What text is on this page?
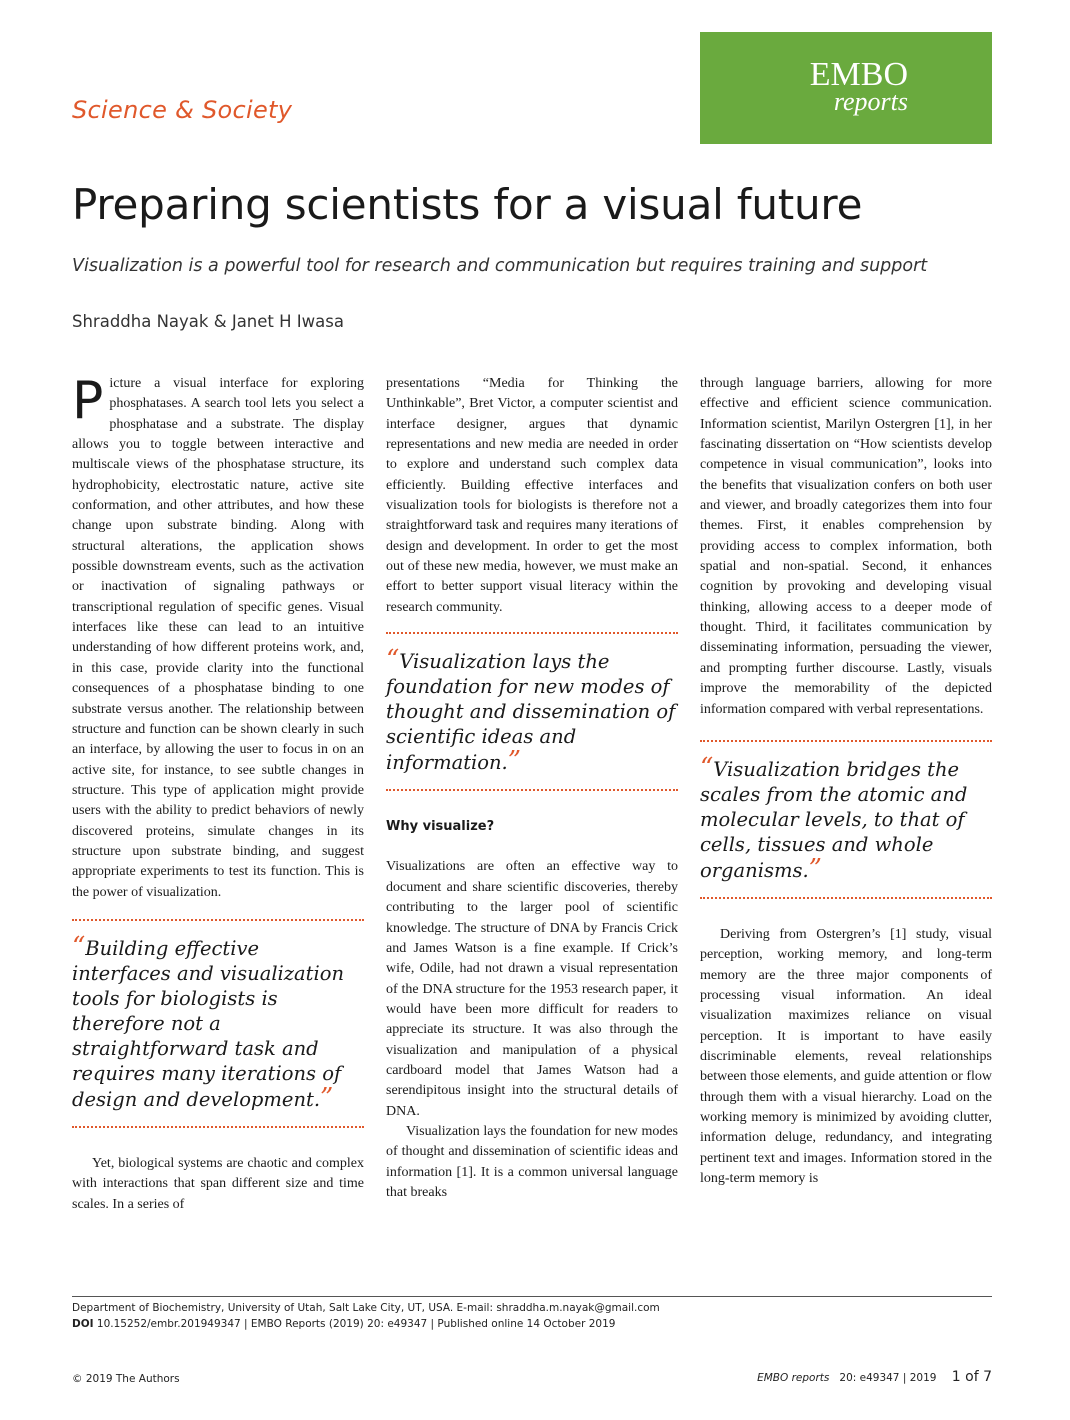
Science & Society
EMBO
reports
Preparing scientists for a visual future
Visualization is a powerful tool for research and communication but requires training and support
Shraddha Nayak & Janet H Iwasa

Picture a visual interface for exploring phosphatases. A search tool lets you select a phosphatase and a substrate. The display allows you to toggle between interactive and multiscale views of the phosphatase structure, its hydrophobicity, electrostatic nature, active site conformation, and other attributes, and how these change upon substrate binding. Along with structural alterations, the application shows possible downstream events, such as the activation or inactivation of signaling pathways or transcriptional regulation of specific genes. Visual interfaces like these can lead to an intuitive understanding of how different proteins work, and, in this case, provide clarity into the functional consequences of a phosphatase binding to one substrate versus another. The relationship between structure and function can be shown clearly in such an interface, by allowing the user to focus in on an active site, for instance, to see subtle changes in structure. This type of application might provide users with the ability to predict behaviors of newly discovered proteins, simulate changes in its structure upon substrate binding, and suggest appropriate experiments to test its function. This is the power of visualization.

“Building effective interfaces and visualization tools for biologists is therefore not a straightforward task and requires many iterations of design and development.”

Yet, biological systems are chaotic and complex with interactions that span different size and time scales. In a series of

presentations “Media for Thinking the Unthinkable”, Bret Victor, a computer scientist and interface designer, argues that dynamic representations and new media are needed in order to explore and understand such complex data efficiently. Building effective interfaces and visualization tools for biologists is therefore not a straightforward task and requires many iterations of design and development. In order to get the most out of these new media, however, we must make an effort to better support visual literacy within the research community.

“Visualization lays the foundation for new modes of thought and dissemination of scientific ideas and information.”
Why visualize?

Visualizations are often an effective way to document and share scientific discoveries, thereby contributing to the larger pool of scientific knowledge. The structure of DNA by Francis Crick and James Watson is a fine example. If Crick’s wife, Odile, had not drawn a visual representation of the DNA structure for the 1953 research paper, it would have been more difficult for readers to appreciate its structure. It was also through the visualization and manipulation of a physical cardboard model that James Watson had a serendipitous insight into the structural details of DNA.

Visualization lays the foundation for new modes of thought and dissemination of scientific ideas and information [1]. It is a common universal language that breaks

through language barriers, allowing for more effective and efficient science communication. Information scientist, Marilyn Ostergren [1], in her fascinating dissertation on “How scientists develop competence in visual communication”, looks into the benefits that visualization confers on both user and viewer, and broadly categorizes them into four themes. First, it enables comprehension by providing access to complex information, both spatial and non-spatial. Second, it enhances cognition by provoking and developing visual thinking, allowing access to a deeper mode of thought. Third, it facilitates communication by disseminating information, persuading the viewer, and prompting further discourse. Lastly, visuals improve the memorability of the depicted information compared with verbal representations.

“Visualization bridges the scales from the atomic and molecular levels, to that of cells, tissues and whole organisms.”

Deriving from Ostergren’s [1] study, visual perception, working memory, and long-term memory are the three major components of processing visual information. An ideal visualization maximizes reliance on visual perception. It is important to have easily discriminable elements, reveal relationships between those elements, and guide attention or flow through them with a visual hierarchy. Load on the working memory is minimized by avoiding clutter, information deluge, redundancy, and integrating pertinent text and images. Information stored in the long-term memory is

Department of Biochemistry, University of Utah, Salt Lake City, UT, USA. E-mail: shraddha.m.nayak@gmail.com
DOI 10.15252/embr.201949347 | EMBO Reports (2019) 20: e49347 | Published online 14 October 2019
© 2019 The Authors	EMBO reports 20: e49347 | 2019 1 of 7
